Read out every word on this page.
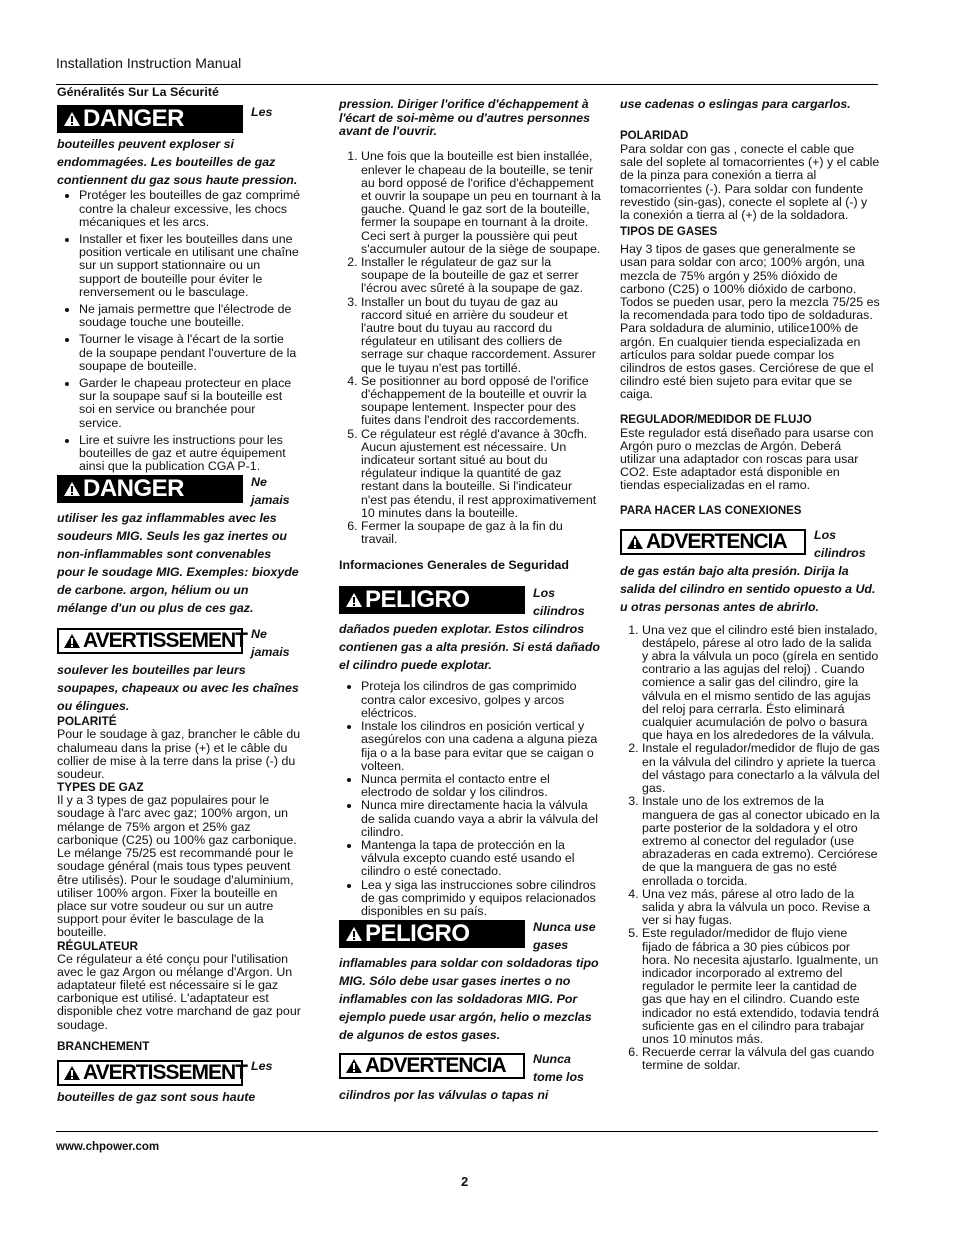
Installation Instruction Manual

Généralités Sur La Sécurité

DANGER	Les bouteilles peuvent exploser si endommagées. Les bouteilles de gaz contiennent du gaz sous haute pression.
• Protéger les bouteilles de gaz comprimé contre la chaleur excessive, les chocs mécaniques et les arcs.
• Installer et fixer les bouteilles dans une position verticale en utilisant une chaîne sur un support stationnaire ou un support de bouteille pour éviter le renversement ou le basculage.
• Ne jamais permettre que l'électrode de soudage touche une bouteille.
• Tourner le visage à l'écart de la sortie de la soupape pendant l'ouverture de la soupape de bouteille.
• Garder le chapeau protecteur en place sur la soupape sauf si la bouteille est soi en service ou branchée pour service.
• Lire et suivre les instructions pour les bouteilles de gaz et autre équipement ainsi que la publication CGA P-1.
DANGER	Ne jamais utiliser les gaz inflammables avec les soudeurs MIG. Seuls les gaz inertes ou non-inflammables sont convenables pour le soudage MIG. Exemples: bioxyde de carbone. argon, hélium ou un mélange d'un ou plus de ces gaz.
AVERTISSEMENT Ne jamais soulever les bouteilles par leurs soupapes, chapeaux ou avec les chaînes ou élingues.

POLARITÉ

Pour le soudage à gaz, brancher le câble du chalumeau dans la prise (+) et le câble du collier de mise à la terre dans la prise (-) du soudeur.

TYPES DE GAZ

Il y a 3 types de gaz populaires pour le soudage à l'arc avec gaz; 100% argon, un mélange de 75% argon et 25% gaz carbonique (C25) ou 100% gaz carbonique. Le mélange 75/25 est recommandé pour le soudage général (mais tous types peuvent être utilisés). Pour le soudage d'aluminium, utiliser 100% argon. Fixer la bouteille en place sur votre soudeur ou sur un autre support pour éviter le basculage de la bouteille.

RÉGULATEUR

Ce régulateur a été conçu pour l'utilisation avec le gaz Argon ou mélange d'Argon. Un adaptateur fileté est nécessaire si le gaz carbonique est utilisé. L'adaptateur est disponible chez votre marchand de gaz pour soudage.

BRANCHEMENT

AVERTISSEMENT Les bouteilles de gaz sont sous haute

pression. Diriger l'orifice d'échappement à l'écart de soi-mème ou d'autres personnes avant de l'ouvrir.

1. Une fois que la bouteille est bien installée, enlever le chapeau de la bouteille, se tenir au bord opposé de l'orifice d'échappement et ouvrir la soupape un peu en tournant à la gauche. Quand le gaz sort de la bouteille, fermer la soupape en tournant à la droite. Ceci sert à purger la poussière qui peut s'accumuler autour de la siège de soupape.
2. Installer le régulateur de gaz sur la soupape de la bouteille de gaz et serrer l'écrou avec sûreté à la soupape de gaz.
3. Installer un bout du tuyau de gaz au raccord situé en arrière du soudeur et l'autre bout du tuyau au raccord du régulateur en utilisant des colliers de serrage sur chaque raccordement. Assurer que le tuyau n'est pas tortillé.
4. Se positionner au bord opposé de l'orifice d'échappement de la bouteille et ouvrir la soupape lentement. Inspecter pour des fuites dans l'endroit des raccordements.
5. Ce régulateur est réglé d'avance à 30cfh. Aucun ajustement est nécessaire. Un indicateur sortant situé au bout du régulateur indique la quantité de gaz restant dans la bouteille. Si l'indicateur n'est pas étendu, il rest approximativement 10 minutes dans la bouteille.
6. Fermer la soupape de gaz à la fin du travail.

Informaciones Generales de Seguridad

PELIGRO	Los cilindros dañados pueden explotar. Estos cilindros contienen gas a alta presión. Si está dañado el cilindro puede explotar.
• Proteja los cilindros de gas comprimido contra calor excesivo, golpes y arcos eléctricos.
• Instale los cilindros en posición vertical y asegúrelos con una cadena a alguna pieza fija o a la base para evitar que se caigan o volteen.
• Nunca permita el contacto entre el electrodo de soldar y los cilindros.
• Nunca mire directamente hacia la válvula de salida cuando vaya a abrir la válvula del cilindro.
• Mantenga la tapa de protección en la válvula excepto cuando esté usando el cilindro o esté conectado.
• Lea y siga las instrucciones sobre cilindros de gas comprimido y equipos relacionados disponibles en su país.
PELIGRO	Nunca use gases inflamables para soldar con soldadoras tipo MIG. Sólo debe usar gases inertes o no inflamables con las soldadoras MIG. Por ejemplo puede usar argón, helio o mezclas de algunos de estos gases.
ADVERTENCIA Nunca tome los cilindros por las válvulas o tapas ni

use cadenas o eslingas para cargarlos.

POLARIDAD

Para soldar con gas , conecte el cable que sale del soplete al tomacorrientes (+) y el cable de la pinza para conexión a tierra al tomacorrientes (-). Para soldar con fundente revestido (sin-gas), conecte el soplete al (-) y la conexión a tierra al (+) de la soldadora.

TIPOS DE GASES

Hay 3 tipos de gases que generalmente se usan para soldar con arco; 100% argón, una mezcla de 75% argón y 25% dióxido de carbono (C25) o 100% dióxido de carbono. Todos se pueden usar, pero la mezcla 75/25 es la recomendada para todo tipo de soldaduras. Para soldadura de aluminio, utilice100% de argón. En cualquier tienda especializada en artículos para soldar puede compar los cilindros de estos gases. Cerciórese de que el cilindro esté bien sujeto para evitar que se caiga.

REGULADOR/MEDIDOR DE FLUJO

Este regulador está diseñado para usarse con Argón puro o mezclas de Argón. Deberá utilizar una adaptador con roscas para usar CO2. Este adaptador está disponible en tiendas especializadas en el ramo.

PARA HACER LAS CONEXIONES

ADVERTENCIA Los cilindros de gas están bajo alta presión. Dirija la salida del cilindro en sentido opuesto a Ud. u otras personas antes de abrirlo.
1. Una vez que el cilindro esté bien instalado, destápelo, párese al otro lado de la salida y abra la válvula un poco (gírela en sentido contrario a las agujas del reloj) . Cuando comience a salir gas del cilindro, gire la válvula en el mismo sentido de las agujas del reloj para cerrarla. Ésto eliminará cualquier acumulación de polvo o basura que haya en los alrededores de la válvula.
2. Instale el regulador/medidor de flujo de gas en la válvula del cilindro y apriete la tuerca del vástago para conectarlo a la válvula del gas.
3. Instale uno de los extremos de la manguera de gas al conector ubicado en la parte posterior de la soldadora y el otro extremo al conector del regulador (use abrazaderas en cada extremo). Cerciórese de que la manguera de gas no esté enrollada o torcida.
4. Una vez más, párese al otro lado de la salida y abra la válvula un poco. Revise a ver si hay fugas.
5. Este regulador/medidor de flujo viene fijado de fábrica a 30 pies cúbicos por hora. No necesita ajustarlo. Igualmente, un indicador incorporado al extremo del regulador le permite leer la cantidad de gas que hay en el cilindro. Cuando este indicador no está extendido, todavia tendrá suficiente gas en el cilindro para trabajar unos 10 minutos más.
6. Recuerde cerrar la válvula del gas cuando termine de soldar.
www.chpower.com
2
